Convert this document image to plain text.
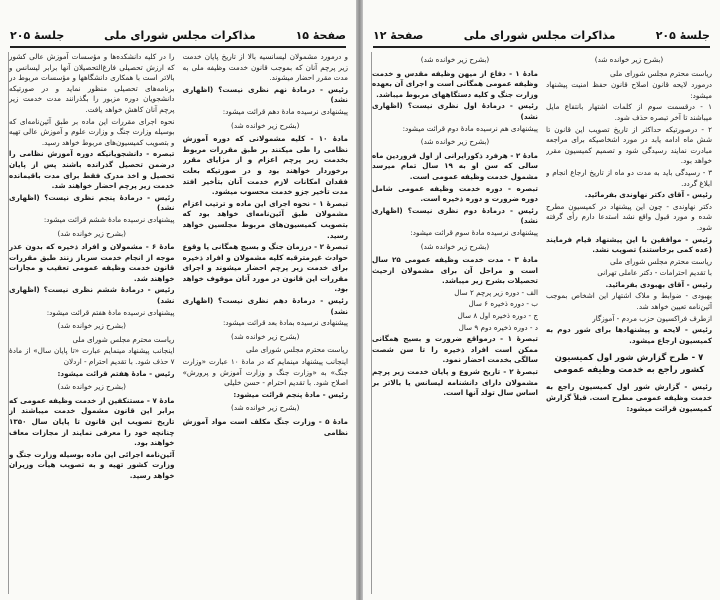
صفحهٔ ۱۵
مذاکرات مجلس شورای ملی
جلسهٔ ۲۰۵

و درمورد مشمولان لیسانسیه بالا از تاریخ پایان خدمت زیر پرچم آنان که بموجب قانون خدمت وظیفه ملی به مدت مقرر احضار میشوند.

رئیس - درمادهٔ نهم نظری نیست؟ (اظهاری نشد)

پیشنهادی نرسیده مادهٔ دهم قرائت میشود:

(بشرح زیر خوانده شد)

مادهٔ ۱۰ - کلیه مشمولانی که دوره آموزش نظامی را طی میکنند بر طبق مقررات مربوط بخدمت زیر پرچم اعزام و از مزایای مقرر برخوردار خواهند بود و در صورتیکه بعلت فقدان امکانات لازم خدمت آنان بتأخیر افتد مدت تأخیر جزو خدمت محسوب میشود.

تبصرهٔ ۱ - نحوه اجرای این ماده و ترتیب اعزام مشمولان طبق آئین‌نامه‌ای خواهد بود که بتصویب کمیسیون‌های مربوط مجلسین خواهد رسید.

تبصرهٔ ۲ - درزمان جنگ و بسیج همگانی یا وقوع حوادث غیرمترقبه کلیه مشمولان و افراد ذخیره برای خدمت زیر پرچم احضار میشوند و اجرای مقررات این قانون در مورد آنان موقوف خواهد بود.

رئیس - درمادهٔ دهم نظری نیست؟ (اظهاری نشد)

پیشنهادی نرسیده بمادهٔ بعد قرائت میشود:

(بشرح زیر خوانده شد)

ریاست محترم مجلس شورای ملی

اینجانب پیشنهاد مینمایم که در مادهٔ ۱۰ عبارت «وزارت جنگ» به «وزارت جنگ و وزارت آموزش و پرورش» اصلاح شود. با تقدیم احترام - حسن خلیلی

رئیس - مادهٔ پنجم قرائت میشود:

(بشرح زیر خوانده شد)

مادهٔ ۵ - وزارت جنگ مکلف است مواد آموزش نظامی

را در کلیه دانشکده‌ها و مؤسسات آموزش عالی کشور که ارزش تحصیلی فارغ‌التحصیلان آنها برابر لیسانس و بالاتر است با همکاری دانشگاهها و مؤسسات مربوط در برنامه‌های تحصیلی منظور نماید و در صورتیکه دانشجویان دوره مزبور را بگذرانند مدت خدمت زیر پرچم آنان کاهش خواهد یافت.

نحوه اجرای مقررات این ماده بر طبق آئین‌نامه‌ای که بوسیله وزارت جنگ و وزارت علوم و آموزش عالی تهیه و بتصویب کمیسیون‌های مربوط خواهد رسید.

تبصره - دانشجویانیکه دوره آموزش نظامی را درضمن تحصیل گذرانده باشند پس از پایان تحصیل و اخذ مدرک فقط برای مدت باقیمانده خدمت زیر پرچم احضار خواهند شد.

رئیس - درمادهٔ پنجم نظری نیست؟ (اظهاری نشد)

پیشنهادی نرسیده مادهٔ ششم قرائت میشود:

(بشرح زیر خوانده شد)

مادهٔ ۶ - مشمولان و افراد ذخیره که بدون عذر موجه از انجام خدمت سرباز زنند طبق مقررات قانون خدمت وظیفه عمومی تعقیب و مجازات خواهند شد.

رئیس - درمادهٔ ششم نظری نیست؟ (اظهاری نشد)

پیشنهادی نرسیده مادهٔ هفتم قرائت میشود:

(بشرح زیر خوانده شد)

ریاست محترم مجلس شورای ملی

اینجانب پیشنهاد مینمایم عبارت «تا پایان سال» از مادهٔ ۷ حذف شود. با تقدیم احترام - اردلان

رئیس - مادهٔ هفتم قرائت میشود:

(بشرح زیر خوانده شد)

مادهٔ ۷ - مستنکفین از خدمت وظیفه عمومی که برابر این قانون مشمول خدمت میباشند از تاریخ تصویب این قانون تا پایان سال ۱۳۵۰ چنانچه خود را معرفی نمایند از مجازات معاف خواهند بود.

آئین‌نامه اجرائی این ماده بوسیله وزارت جنگ و وزارت کشور تهیه و به تصویب هیأت وزیران خواهد رسید.

جلسهٔ ۲۰۵
مذاکرات مجلس شورای ملی
صفحهٔ ۱۲

(بشرح زیر خوانده شد)

ریاست محترم مجلس شورای ملی

درمورد لایحه قانون اصلاح قانون حفظ امنیت پیشنهاد میشود:

۱ - درقسمت سوم از کلمات اشتهار بانتفاع مایل میباشند تا آخر تبصره حذف شود.

۲ - درصورتیکه حداکثر از تاریخ تصویب این قانون تا شش ماه ادامه یابد در مورد اشخاصیکه برای مراجعه مبادرت نمایند رسیدگی شود و تصمیم کمیسیون مقرر خواهد بود.

۳ - رسیدگی باید به مدت دو ماه از تاریخ ارجاع انجام و ابلاغ گردد.

رئیس - آقای دکتر نهاوندی بفرمائید.

دکتر نهاوندی - چون این پیشنهاد در کمیسیون مطرح شده و مورد قبول واقع نشد استدعا دارم رأی گرفته شود.

رئیس - موافقین با این پیشنهاد قیام فرمایند (عده کمی برخاستند) تصویب نشد.

ریاست محترم مجلس شورای ملی

با تقدیم احترامات - دکتر عاملی تهرانی

رئیس - آقای بهبودی بفرمائید.

بهبودی - ضوابط و ملاک اشتهار این اشخاص بموجب آئین‌نامه تعیین خواهد شد.

ازطرف فراکسیون حزب مردم - آموزگار

رئیس - لایحه و پیشنهادها برای شور دوم به کمیسیون ارجاع میشود.

۷ - طرح گزارش شور اول کمیسیون کشور راجع به خدمت وظیفه عمومی

رئیس - گزارش شور اول کمیسیون راجع به خدمت وظیفه عمومی مطرح است. قبلاً گزارش کمیسیون قرائت میشود:

(بشرح زیر خوانده شد)

مادهٔ ۱ - دفاع از میهن وظیفه مقدس و خدمت وظیفه عمومی همگانی است و اجرای آن بعهده وزارت جنگ و کلیه دستگاههای مربوط میباشد.

رئیس - درمادهٔ اول نظری نیست؟ (اظهاری نشد)

پیشنهادی هم نرسیده مادهٔ دوم قرائت میشود:

(بشرح زیر خوانده شد)

مادهٔ ۲ - هرفرد ذکورایرانی از اول فروردین ماه سالی که سن او به ۱۹ سال تمام میرسد مشمول خدمت وظیفه عمومی است.

تبصره - دوره خدمت وظیفه عمومی شامل دوره ضرورت و دوره ذخیره است.

رئیس - درمادهٔ دوم نظری نیست؟ (اظهاری نشد)

پیشنهادی نرسیده مادهٔ سوم قرائت میشود:

(بشرح زیر خوانده شد)

مادهٔ ۳ - مدت خدمت وظیفه عمومی ۲۵ سال است و مراحل آن برای مشمولان ازحیث تحصیلات بشرح زیر میباشد.

الف - دوره زیر پرچم ۲ سال

ب - دوره ذخیره ۶ سال

ج - دوره ذخیره اول ۸ سال

د - دوره ذخیره دوم ۹ سال

تبصرهٔ ۱ - درمواقع ضرورت و بسیج همگانی ممکن است افراد ذخیره را تا سن شصت سالگی بخدمت احضار نمود.

تبصرهٔ ۲ - تاریخ شروع و پایان خدمت زیر پرچم مشمولان دارای دانشنامه لیسانس یا بالاتر بر اساس سال تولد آنها است.
